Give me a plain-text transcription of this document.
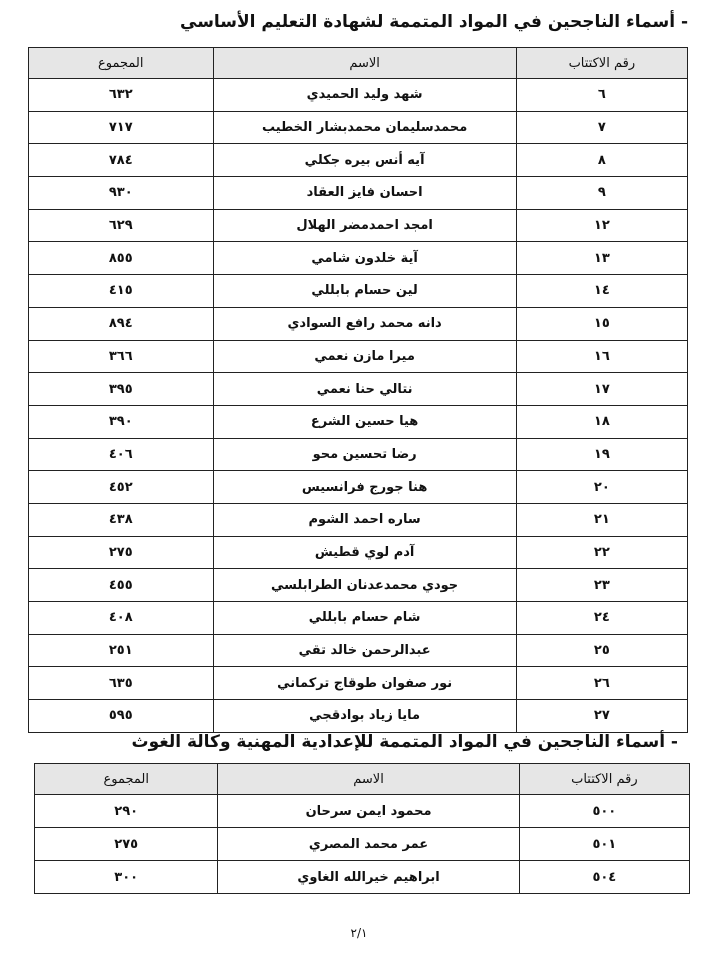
- أسماء الناجحين في المواد المتممة لشهادة التعليم الأساسي
رقم الاكتتاب	الاسم	المجموع
٦	شهد وليد الحميدي	٦٣٢
٧	محمدسليمان محمدبشار الخطيب	٧١٧
٨	آيه أنس بيره جكلي	٧٨٤
٩	احسان فايز العقاد	٩٣٠
١٢	امجد احمدمضر الهلال	٦٢٩
١٣	آية خلدون شامي	٨٥٥
١٤	لين حسام بابللي	٤١٥
١٥	دانه محمد رافع السوادي	٨٩٤
١٦	ميرا مازن نعمي	٣٦٦
١٧	نتالي حنا نعمي	٣٩٥
١٨	هيا حسين الشرع	٣٩٠
١٩	رضا تحسين محو	٤٠٦
٢٠	هنا جورج فرانسيس	٤٥٢
٢١	ساره احمد الشوم	٤٣٨
٢٢	آدم لوي قطيش	٢٧٥
٢٣	جودي محمدعدنان الطرابلسي	٤٥٥
٢٤	شام حسام بابللي	٤٠٨
٢٥	عبدالرحمن خالد تقي	٢٥١
٢٦	نور صفوان طوقاج تركماني	٦٣٥
٢٧	مايا زياد بوادقجي	٥٩٥
- أسماء الناجحين في المواد المتممة للإعدادية المهنية وكالة الغوث
رقم الاكتتاب	الاسم	المجموع
٥٠٠	محمود ايمن سرحان	٢٩٠
٥٠١	عمر محمد المصري	٢٧٥
٥٠٤	ابراهيم خيرالله الغاوي	٣٠٠
٢/١
